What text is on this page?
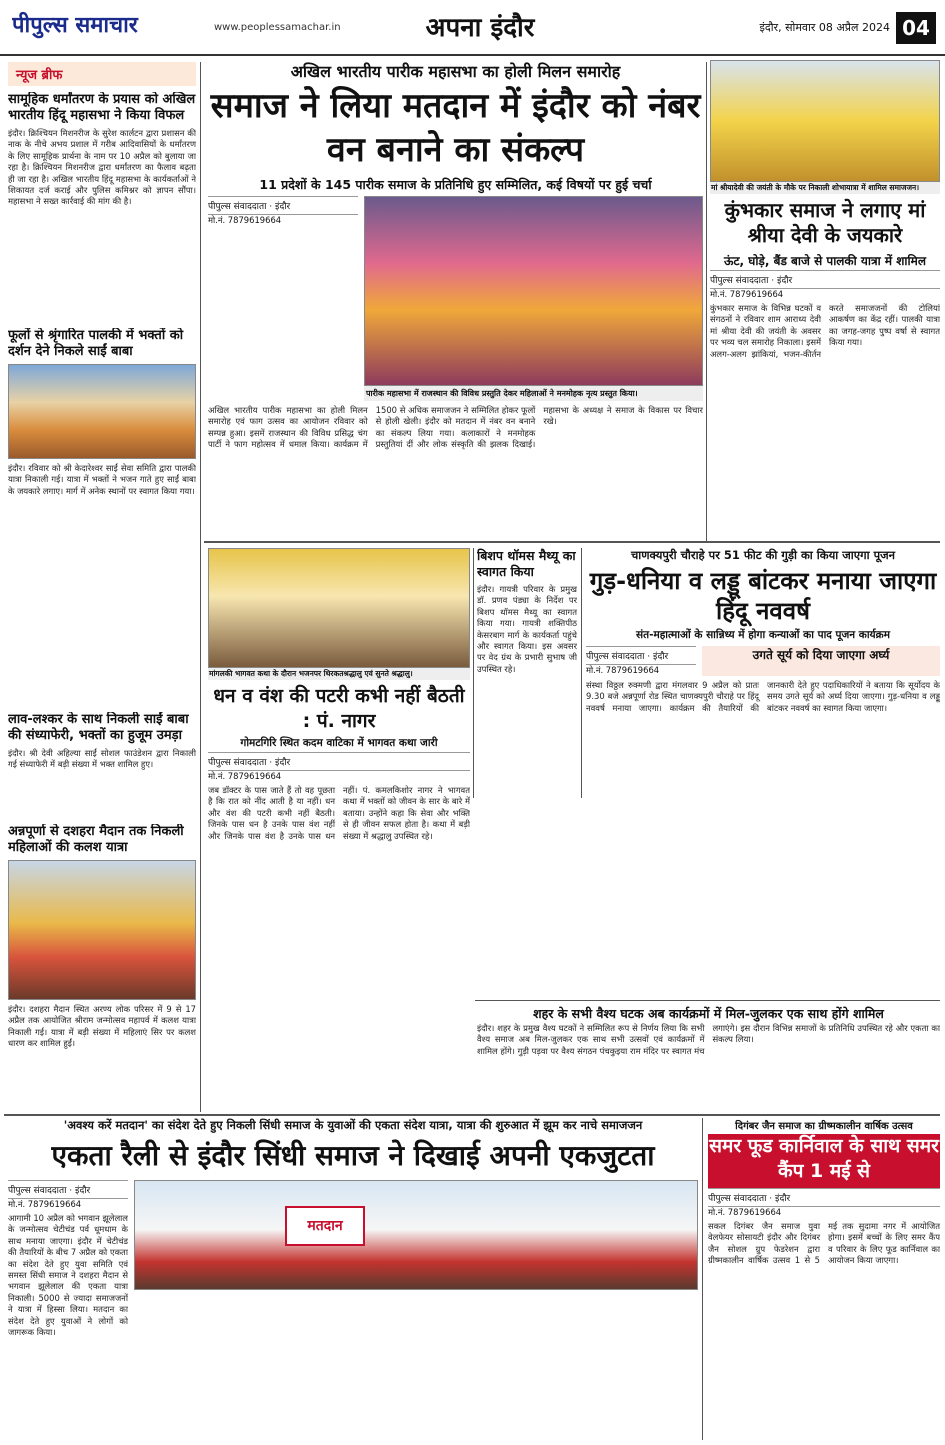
पीपुल्स समाचार	www.peoplessamachar.in	अपना इंदौर	इंदौर, सोमवार 08 अप्रैल 2024 04
न्यूज ब्रीफ
सामूहिक धर्मांतरण के प्रयास को अखिल भारतीय हिंदू महासभा ने किया विफल
इंदौर। क्रिश्चियन मिशनरीज के सुरेश कार्लटन द्वारा प्रशासन की नाक के नीचे अभय प्रशाल में गरीब आदिवासियों के धर्मांतरण के लिए सामूहिक प्रार्थना के नाम पर 10 अप्रैल को बुलाया जा रहा है। क्रिश्चियन मिशनरीज द्वारा धर्मांतरण का फैलाव बढ़ता ही जा रहा है। अखिल भारतीय हिंदू महासभा के कार्यकर्ताओं ने शिकायत दर्ज कराई और पुलिस कमिश्नर को ज्ञापन सौंपा। महासभा ने सख्त कार्रवाई की मांग की है।
फूलों से श्रृंगारित पालकी में भक्तों को दर्शन देने निकले साईं बाबा
इंदौर। रविवार को श्री केदारेश्वर साईं सेवा समिति द्वारा पालकी यात्रा निकाली गई। यात्रा में भक्तों ने भजन गाते हुए साईं बाबा के जयकारे लगाए। मार्ग में अनेक स्थानों पर स्वागत किया गया।
लाव-लश्कर के साथ निकली साईं बाबा की संध्याफेरी, भक्तों का हुजूम उमड़ा
इंदौर। श्री देवी अहिल्या साईं सोशल फाउंडेशन द्वारा निकाली गई संध्याफेरी में बड़ी संख्या में भक्त शामिल हुए।
अन्नपूर्णा से दशहरा मैदान तक निकली महिलाओं की कलश यात्रा
इंदौर। दशहरा मैदान स्थित अरण्य लोक परिसर में 9 से 17 अप्रैल तक आयोजित श्रीराम जन्मोत्सव महापर्व में कलश यात्रा निकाली गई। यात्रा में बड़ी संख्या में महिलाएं सिर पर कलश धारण कर शामिल हुईं।
अखिल भारतीय पारीक महासभा का होली मिलन समारोह
समाज ने लिया मतदान में इंदौर को नंबर वन बनाने का संकल्प
11 प्रदेशों के 145 पारीक समाज के प्रतिनिधि हुए सम्मिलित, कई विषयों पर हुई चर्चा
पीपुल्स संवाददाता · इंदौर
मो.नं. 7879619664
पारीक महासभा में राजस्थान की विविध प्रस्तुति देकर महिलाओं ने मनमोहक नृत्य प्रस्तुत किया।
अखिल भारतीय पारीक महासभा का होली मिलन समारोह एवं फाग उत्सव का आयोजन रविवार को सम्पन्न हुआ। इसमें राजस्थान की विविध प्रसिद्ध चंग पार्टी ने फाग महोत्सव में धमाल किया। कार्यक्रम में 1500 से अधिक समाजजन ने सम्मिलित होकर फूलों से होली खेली। इंदौर को मतदान में नंबर वन बनाने का संकल्प लिया गया। कलाकारों ने मनमोहक प्रस्तुतियां दीं और लोक संस्कृति की झलक दिखाई। महासभा के अध्यक्ष ने समाज के विकास पर विचार रखे।
मां श्रीयादेवी की जयंती के मौके पर निकाली शोभायात्रा में शामिल समाजजन।
कुंभकार समाज ने लगाए मां श्रीया देवी के जयकारे
ऊंट, घोड़े, बैंड बाजे से पालकी यात्रा में शामिल
पीपुल्स संवाददाता · इंदौर
मो.नं. 7879619664
कुंभकार समाज के विभिन्न घटकों व संगठनों ने रविवार शाम आराध्य देवी मां श्रीया देवी की जयंती के अवसर पर भव्य चल समारोह निकाला। इसमें अलग-अलग झांकियां, भजन-कीर्तन करते समाजजनों की टोलियां आकर्षण का केंद्र रहीं। पालकी यात्रा का जगह-जगह पुष्प वर्षा से स्वागत किया गया।
मांगलकी भागवत कथा के दौरान भजनपर थिरकतश्रद्धालु एवं सुनते श्रद्धालु।
धन व वंश की पटरी कभी नहीं बैठती : पं. नागर
गोमटगिरि स्थित कदम वाटिका में भागवत कथा जारी
पीपुल्स संवाददाता · इंदौर
मो.नं. 7879619664
जब डॉक्टर के पास जाते हैं तो वह पूछता है कि रात को नींद आती है या नहीं। धन और वंश की पटरी कभी नहीं बैठती। जिनके पास धन है उनके पास वंश नहीं और जिनके पास वंश है उनके पास धन नहीं। पं. कमलकिशोर नागर ने भागवत कथा में भक्तों को जीवन के सार के बारे में बताया। उन्होंने कहा कि सेवा और भक्ति से ही जीवन सफल होता है। कथा में बड़ी संख्या में श्रद्धालु उपस्थित रहे।
बिशप थॉमस मैथ्यू का स्वागत किया
इंदौर। गायत्री परिवार के प्रमुख डॉ. प्रणव पंड्या के निर्देश पर बिशप थॉमस मैथ्यू का स्वागत किया गया। गायत्री शक्तिपीठ केसरबाग मार्ग के कार्यकर्ता पहुंचे और स्वागत किया। इस अवसर पर वेद ग्रंथ के प्रभारी सुभाष जी उपस्थित रहे।
चाणक्यपुरी चौराहे पर 51 फीट की गुड़ी का किया जाएगा पूजन
गुड़-धनिया व लड्डू बांटकर मनाया जाएगा हिंदू नववर्ष
संत-महात्माओं के सान्निध्य में होगा कन्याओं का पाद पूजन कार्यक्रम
पीपुल्स संवाददाता · इंदौर
मो.नं. 7879619664
उगते सूर्य को दिया जाएगा अर्घ्य
संस्था विठ्ठल रुक्मणी द्वारा मंगलवार 9 अप्रैल को प्रातः 9.30 बजे अन्नपूर्णा रोड स्थित चाणक्यपुरी चौराहे पर हिंदू नववर्ष मनाया जाएगा। कार्यक्रम की तैयारियों की जानकारी देते हुए पदाधिकारियों ने बताया कि सूर्योदय के समय उगते सूर्य को अर्घ्य दिया जाएगा। गुड़-धनिया व लड्डू बांटकर नववर्ष का स्वागत किया जाएगा।
शहर के सभी वैश्य घटक अब कार्यक्रमों में मिल-जुलकर एक साथ होंगे शामिल
इंदौर। शहर के प्रमुख वैश्य घटकों ने सम्मिलित रूप से निर्णय लिया कि सभी वैश्य समाज अब मिल-जुलकर एक साथ सभी उत्सवों एवं कार्यक्रमों में शामिल होंगे। गुड़ी पड़वा पर वैश्य संगठन पंचकुइया राम मंदिर पर स्वागत मंच लगाएंगे। इस दौरान विभिन्न समाजों के प्रतिनिधि उपस्थित रहे और एकता का संकल्प लिया।
'अवश्य करें मतदान' का संदेश देते हुए निकली सिंधी समाज के युवाओं की एकता संदेश यात्रा, यात्रा की शुरुआत में झूम कर नाचे समाजजन
एकता रैली से इंदौर सिंधी समाज ने दिखाई अपनी एकजुटता
पीपुल्स संवाददाता · इंदौर
मो.नं. 7879619664
आगामी 10 अप्रैल को भगवान झूलेलाल के जन्मोत्सव चेटीचंड पर्व धूमधाम के साथ मनाया जाएगा। इंदौर में चेटीचंड की तैयारियों के बीच 7 अप्रैल को एकता का संदेश देते हुए युवा समिति एवं समस्त सिंधी समाज ने दशहरा मैदान से भगवान झूलेलाल की एकता यात्रा निकाली। 5000 से ज्यादा समाजजनों ने यात्रा में हिस्सा लिया। मतदान का संदेश देते हुए युवाओं ने लोगों को जागरूक किया।
मतदान
दिगंबर जैन समाज का ग्रीष्मकालीन वार्षिक उत्सव
समर फूड कार्निवाल के साथ समर कैंप 1 मई से
पीपुल्स संवाददाता · इंदौर
मो.नं. 7879619664
सकल दिगंबर जैन समाज युवा वेलफेयर सोसायटी इंदौर और दिगंबर जैन सोशल ग्रुप फेडरेशन द्वारा ग्रीष्मकालीन वार्षिक उत्सव 1 से 5 मई तक सुदामा नगर में आयोजित होगा। इसमें बच्चों के लिए समर कैंप व परिवार के लिए फूड कार्निवाल का आयोजन किया जाएगा।
